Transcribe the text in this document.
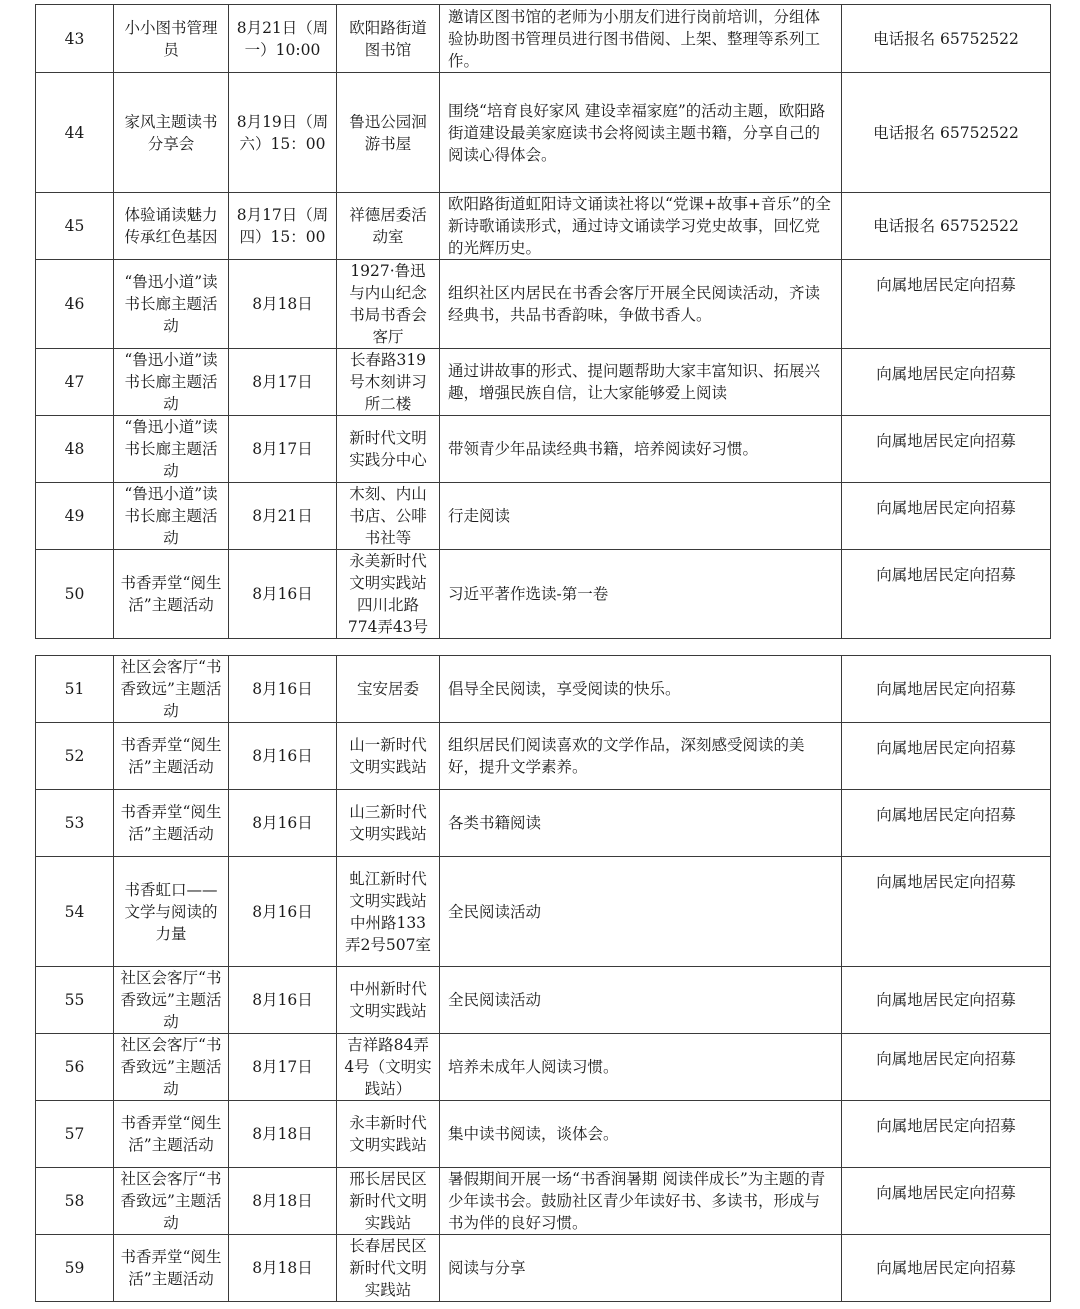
43	小小图书管理员	8月21日（周一）10:00	欧阳路街道图书馆	邀请区图书馆的老师为小朋友们进行岗前培训，分组体验协助图书管理员进行图书借阅、上架、整理等系列工作。	电话报名 65752522
44	家风主题读书分享会	8月19日（周六）15：00	鲁迅公园洄游书屋	围绕“培育良好家风 建设幸福家庭”的活动主题，欧阳路街道建设最美家庭读书会将阅读主题书籍，分享自己的阅读心得体会。	电话报名 65752522
45	体验诵读魅力 传承红色基因	8月17日（周四）15：00	祥德居委活动室	欧阳路街道虹阳诗文诵读社将以“党课+故事+音乐”的全新诗歌诵读形式，通过诗文诵读学习党史故事，回忆党的光辉历史。	电话报名 65752522
46	“鲁迅小道”读书长廊主题活动	8月18日	1927·鲁迅与内山纪念书局书香会客厅	组织社区内居民在书香会客厅开展全民阅读活动，齐读经典书，共品书香韵味，争做书香人。	向属地居民定向招募
47	“鲁迅小道”读书长廊主题活动	8月17日	长春路319号木刻讲习所二楼	通过讲故事的形式、提问题帮助大家丰富知识、拓展兴趣，增强民族自信，让大家能够爱上阅读	向属地居民定向招募
48	“鲁迅小道”读书长廊主题活动	8月17日	新时代文明实践分中心	带领青少年品读经典书籍，培养阅读好习惯。	向属地居民定向招募
49	“鲁迅小道”读书长廊主题活动	8月21日	木刻、内山书店、公啡书社等	行走阅读	向属地居民定向招募
50	书香弄堂“阅生活”主题活动	8月16日	永美新时代文明实践站 四川北路774弄43号	习近平著作选读-第一卷	向属地居民定向招募
51	社区会客厅“书香致远”主题活动	8月16日	宝安居委	倡导全民阅读，享受阅读的快乐。	向属地居民定向招募
52	书香弄堂“阅生活”主题活动	8月16日	山一新时代文明实践站	组织居民们阅读喜欢的文学作品，深刻感受阅读的美好，提升文学素养。	向属地居民定向招募
53	书香弄堂“阅生活”主题活动	8月16日	山三新时代文明实践站	各类书籍阅读	向属地居民定向招募
54	书香虹口——文学与阅读的力量	8月16日	虬江新时代文明实践站 中州路133弄2号507室	全民阅读活动	向属地居民定向招募
55	社区会客厅“书香致远”主题活动	8月16日	中州新时代文明实践站	全民阅读活动	向属地居民定向招募
56	社区会客厅“书香致远”主题活动	8月17日	吉祥路84弄4号（文明实践站）	培养未成年人阅读习惯。	向属地居民定向招募
57	书香弄堂“阅生活”主题活动	8月18日	永丰新时代文明实践站	集中读书阅读，谈体会。	向属地居民定向招募
58	社区会客厅“书香致远”主题活动	8月18日	邢长居民区新时代文明实践站	暑假期间开展一场“书香润暑期 阅读伴成长”为主题的青少年读书会。鼓励社区青少年读好书、多读书，形成与书为伴的良好习惯。	向属地居民定向招募
59	书香弄堂“阅生活”主题活动	8月18日	长春居民区新时代文明实践站	阅读与分享	向属地居民定向招募
